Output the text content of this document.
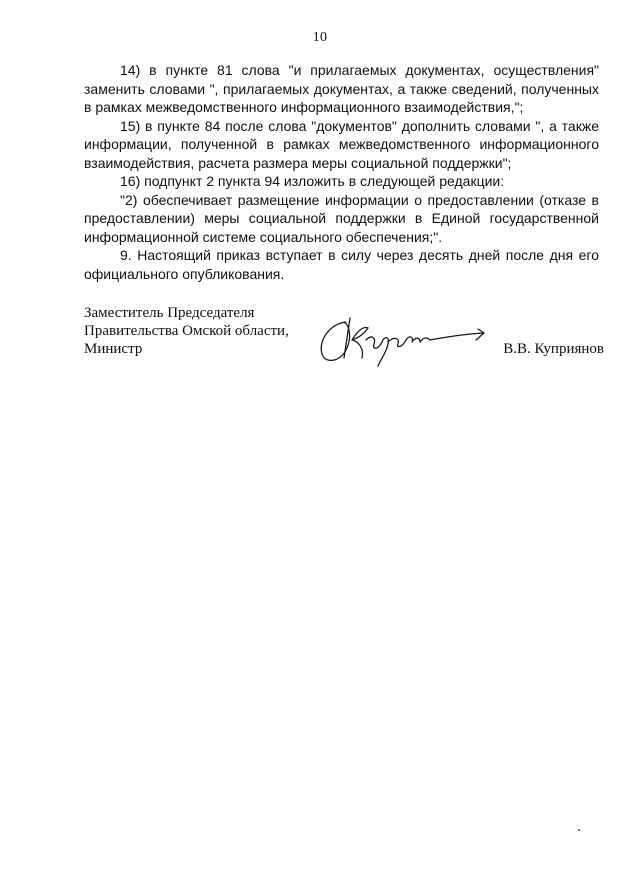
10

14) в пункте 81 слова "и прилагаемых документах, осуществления" заменить словами ", прилагаемых документах, а также сведений, полученных в рамках межведомственного информационного взаимодействия,";

15) в пункте 84 после слова "документов" дополнить словами ", а также информации, полученной в рамках межведомственного информационного взаимодействия, расчета размера меры социальной поддержки";

16) подпункт 2 пункта 94 изложить в следующей редакции:

"2) обеспечивает размещение информации о предоставлении (отказе в предоставлении) меры социальной поддержки в Единой государственной информационной системе социального обеспечения;".

9. Настоящий приказ вступает в силу через десять дней после дня его официального опубликования.

Заместитель Председателя
Правительства Омской области,
Министр	В.В. Куприянов
